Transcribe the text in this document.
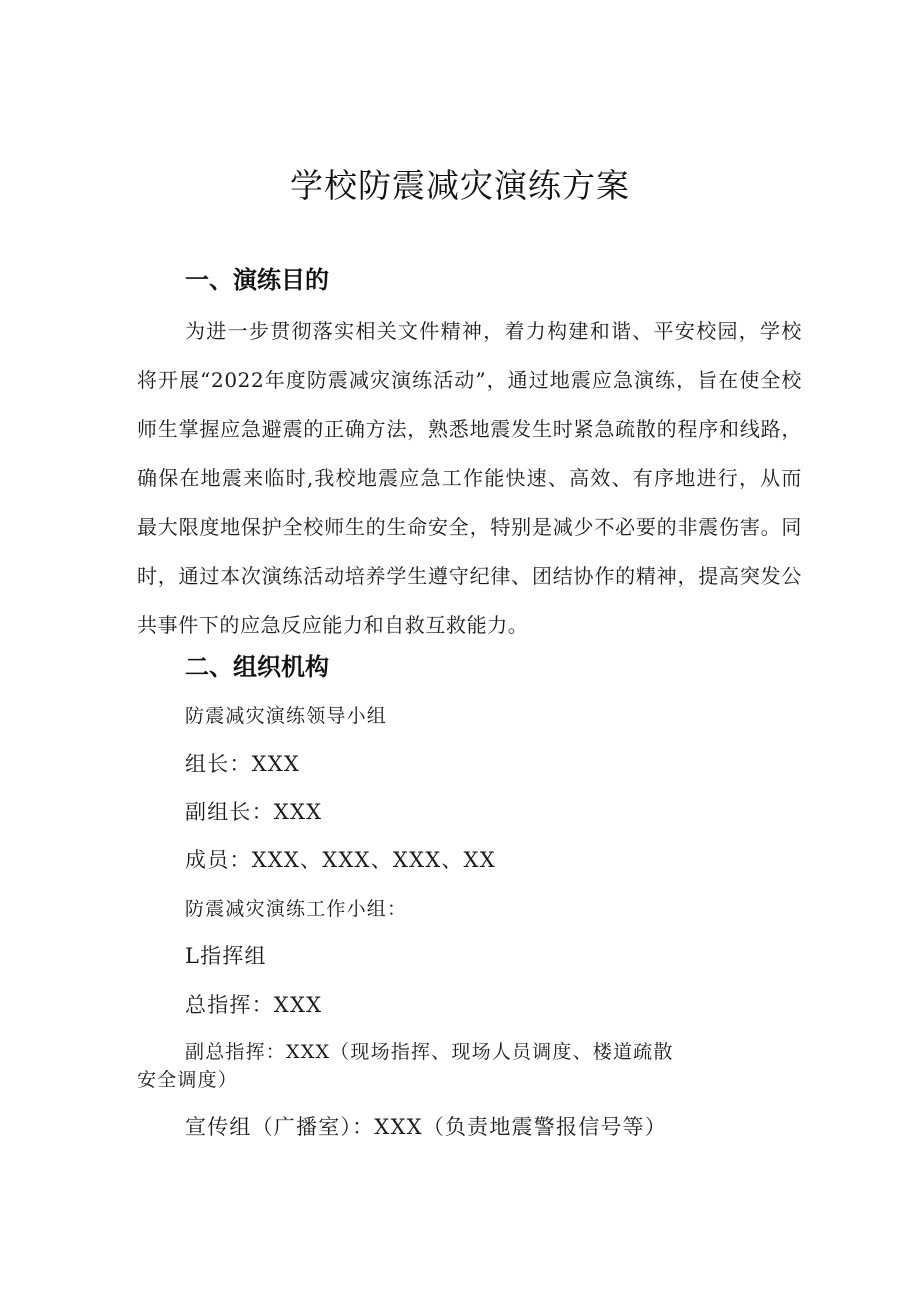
学校防震减灾演练方案
一、演练目的

为进一步贯彻落实相关文件精神，着力构建和谐、平安校园，学校将开展“2022年度防震减灾演练活动”，通过地震应急演练，旨在使全校师生掌握应急避震的正确方法，熟悉地震发生时紧急疏散的程序和线路，确保在地震来临时,我校地震应急工作能快速、高效、有序地进行，从而最大限度地保护全校师生的生命安全，特别是减少不必要的非震伤害。同时，通过本次演练活动培养学生遵守纪律、团结协作的精神，提高突发公共事件下的应急反应能力和自救互救能力。

二、组织机构

防震减灾演练领导小组

组长：XXX

副组长：XXX

成员：XXX、XXX、XXX、XX

防震减灾演练工作小组：

L指挥组

总指挥：XXX

副总指挥：XXX（现场指挥、现场人员调度、楼道疏散安全调度）

宣传组（广播室）：XXX（负责地震警报信号等）
